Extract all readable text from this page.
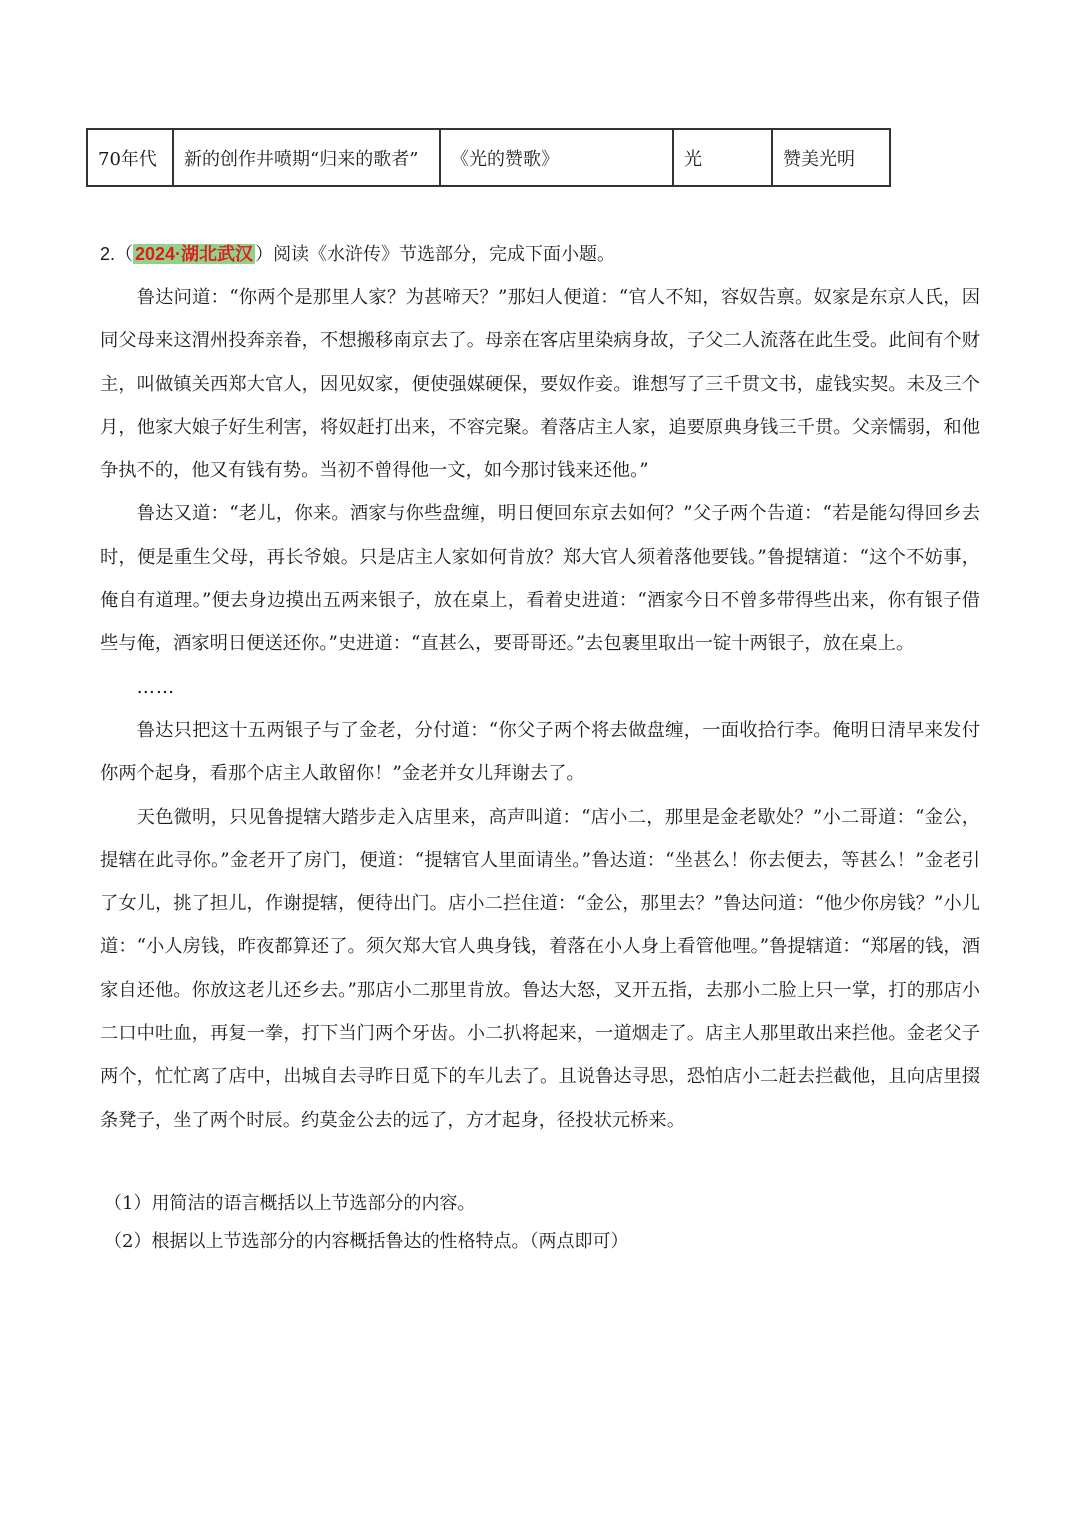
70年代	新的创作井喷期“归来的歌者”	《光的赞歌》	光	赞美光明
2.（ 2024·湖北武汉 ）阅读《水浒传》节选部分，完成下面小题。

鲁达问道：“你两个是那里人家？为甚啼天？”那妇人便道：“官人不知，容奴告禀。奴家是东京人氏，因同父母来这渭州投奔亲眷，不想搬移南京去了。母亲在客店里染病身故，子父二人流落在此生受。此间有个财主，叫做镇关西郑大官人，因见奴家，便使强媒硬保，要奴作妾。谁想写了三千贯文书，虚钱实契。未及三个月，他家大娘子好生利害，将奴赶打出来，不容完聚。着落店主人家，追要原典身钱三千贯。父亲懦弱，和他争执不的，他又有钱有势。当初不曾得他一文，如今那讨钱来还他。”

鲁达又道：“老儿，你来。酒家与你些盘缠，明日便回东京去如何？”父子两个告道：“若是能勾得回乡去时，便是重生父母，再长爷娘。只是店主人家如何肯放？郑大官人须着落他要钱。”鲁提辖道：“这个不妨事，俺自有道理。”便去身边摸出五两来银子，放在桌上，看着史进道：“酒家今日不曾多带得些出来，你有银子借些与俺，酒家明日便送还你。”史进道：“直甚么，要哥哥还。”去包裹里取出一锭十两银子，放在桌上。

……

鲁达只把这十五两银子与了金老，分付道：“你父子两个将去做盘缠，一面收拾行李。俺明日清早来发付你两个起身，看那个店主人敢留你！”金老并女儿拜谢去了。

天色微明，只见鲁提辖大踏步走入店里来，高声叫道：“店小二，那里是金老歇处？”小二哥道：“金公，提辖在此寻你。”金老开了房门，便道：“提辖官人里面请坐。”鲁达道：“坐甚么！你去便去，等甚么！”金老引了女儿，挑了担儿，作谢提辖，便待出门。店小二拦住道：“金公，那里去？”鲁达问道：“他少你房钱？”小儿道：“小人房钱，昨夜都算还了。须欠郑大官人典身钱，着落在小人身上看管他哩。”鲁提辖道：“郑屠的钱，酒家自还他。你放这老儿还乡去。”那店小二那里肯放。鲁达大怒，叉开五指，去那小二脸上只一掌，打的那店小二口中吐血，再复一拳，打下当门两个牙齿。小二扒将起来，一道烟走了。店主人那里敢出来拦他。金老父子两个，忙忙离了店中，出城自去寻昨日觅下的车儿去了。且说鲁达寻思，恐怕店小二赶去拦截他，且向店里掇条凳子，坐了两个时辰。约莫金公去的远了，方才起身，径投状元桥来。

（1）用简洁的语言概括以上节选部分的内容。
（2）根据以上节选部分的内容概括鲁达的性格特点。（两点即可）
